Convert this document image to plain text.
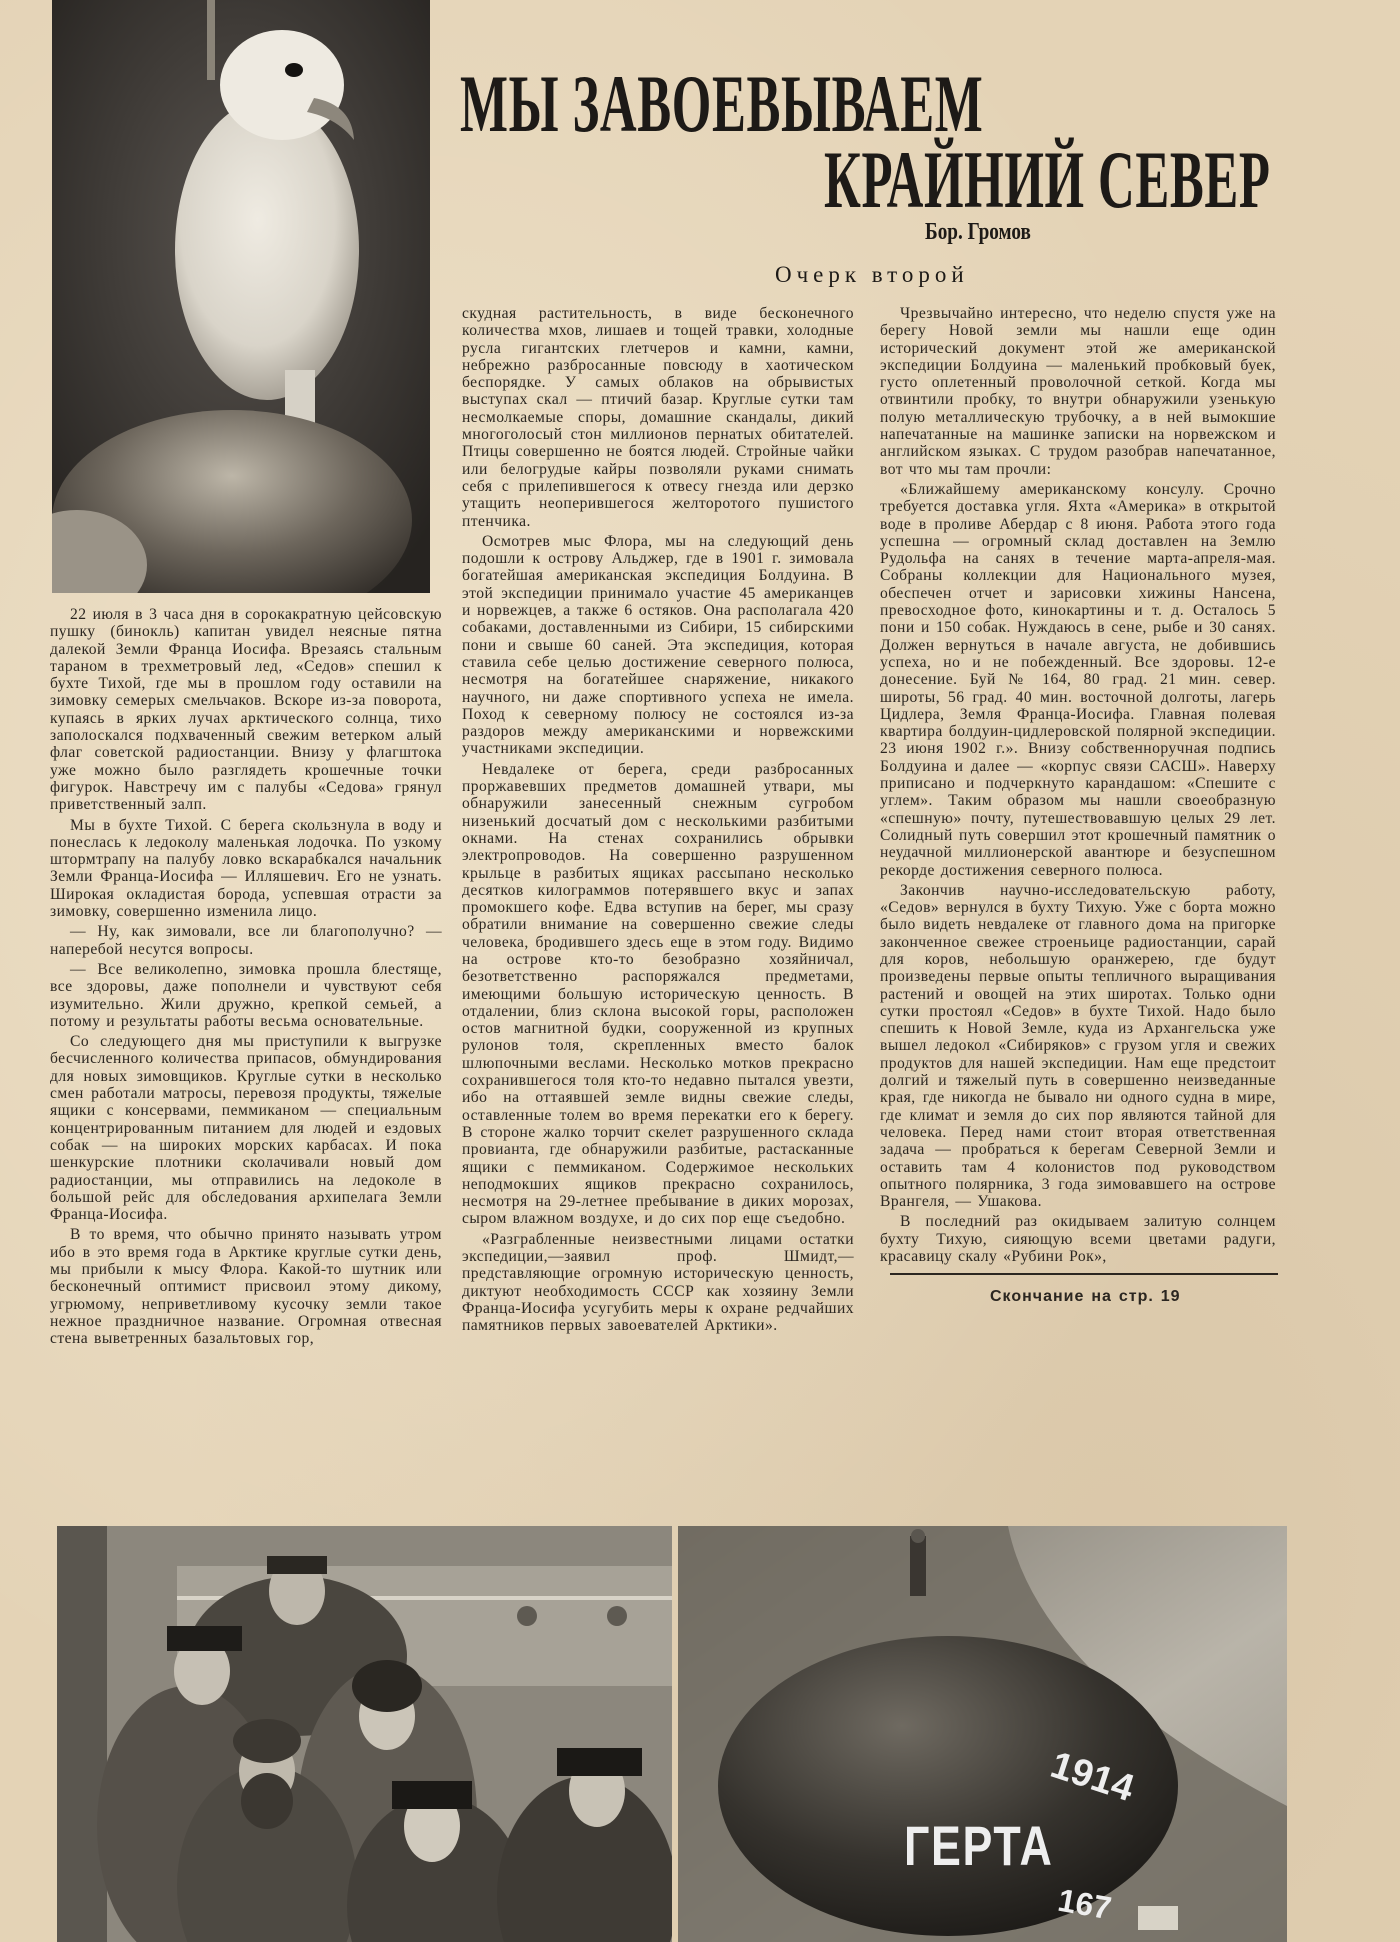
МЫ ЗАВОЕВЫВАЕМ
КРАЙНИЙ СЕВЕР
Бор. Громов
Очерк второй

22 июля в 3 часа дня в сорокакратную цейсовскую пушку (бинокль) капитан увидел неясные пятна далекой Земли Франца Иосифа. Врезаясь стальным тараном в трехметровый лед, «Седов» спешил к бухте Тихой, где мы в прошлом году оставили на зимовку семерых смельчаков. Вскоре из-за поворота, купаясь в ярких лучах арктического солнца, тихо заполоскался подхваченный свежим ветерком алый флаг советской радиостанции. Внизу у флагштока уже можно было разглядеть крошечные точки фигурок. Навстречу им с палубы «Седова» грянул приветственный залп.

Мы в бухте Тихой. С берега скользнула в воду и понеслась к ледоколу маленькая лодочка. По узкому штормтрапу на палубу ловко вскарабкался начальник Земли Франца-Иосифа — Илляшевич. Его не узнать. Широкая окладистая борода, успевшая отрасти за зимовку, совершенно изменила лицо.

— Ну, как зимовали, все ли благополучно? — наперебой несутся вопросы.

— Все великолепно, зимовка прошла блестяще, все здоровы, даже пополнели и чувствуют себя изумительно. Жили дружно, крепкой семьей, а потому и результаты работы весьма основательные.

Со следующего дня мы приступили к выгрузке бесчисленного количества припасов, обмундирования для новых зимовщиков. Круглые сутки в несколько смен работали матросы, перевозя продукты, тяжелые ящики с консервами, пеммиканом — специальным концентрированным питанием для людей и ездовых собак — на широких морских карбасах. И пока шенкурские плотники сколачивали новый дом радиостанции, мы отправились на ледоколе в большой рейс для обследования архипелага Земли Франца-Иосифа.

В то время, что обычно принято называть утром ибо в это время года в Арктике круглые сутки день, мы прибыли к мысу Флора. Какой-то шутник или бесконечный оптимист присвоил этому дикому, угрюмому, неприветливому кусочку земли такое нежное праздничное название. Огромная отвесная стена выветренных базальтовых гор,

скудная растительность, в виде бесконечного количества мхов, лишаев и тощей травки, холодные русла гигантских глетчеров и камни, камни, небрежно разбросанные повсюду в хаотическом беспорядке. У самых облаков на обрывистых выступах скал — птичий базар. Круглые сутки там несмолкаемые споры, домашние скандалы, дикий многоголосый стон миллионов пернатых обитателей. Птицы совершенно не боятся людей. Стройные чайки или белогрудые кайры позволяли руками снимать себя с прилепившегося к отвесу гнезда или дерзко утащить неоперившегося желторотого пушистого птенчика.

Осмотрев мыс Флора, мы на следующий день подошли к острову Альджер, где в 1901 г. зимовала богатейшая американская экспедиция Болдуина. В этой экспедиции принимало участие 45 американцев и норвежцев, а также 6 остяков. Она располагала 420 собаками, доставленными из Сибири, 15 сибирскими пони и свыше 60 саней. Эта экспедиция, которая ставила себе целью достижение северного полюса, несмотря на богатейшее снаряжение, никакого научного, ни даже спортивного успеха не имела. Поход к северному полюсу не состоялся из-за раздоров между американскими и норвежскими участниками экспедиции.

Невдалеке от берега, среди разбросанных проржавевших предметов домашней утвари, мы обнаружили занесенный снежным сугробом низенький досчатый дом с несколькими разбитыми окнами. На стенах сохранились обрывки электропроводов. На совершенно разрушенном крыльце в разбитых ящиках рассыпано несколько десятков килограммов потерявшего вкус и запах промокшего кофе. Едва вступив на берег, мы сразу обратили внимание на совершенно свежие следы человека, бродившего здесь еще в этом году. Видимо на острове кто-то безобразно хозяйничал, безответственно распоряжался предметами, имеющими большую историческую ценность. В отдалении, близ склона высокой горы, расположен остов магнитной будки, сооруженной из крупных рулонов толя, скрепленных вместо балок шлюпочными веслами. Несколько мотков прекрасно сохранившегося толя кто-то недавно пытался увезти, ибо на оттаявшей земле видны свежие следы, оставленные толем во время перекатки его к берегу. В стороне жалко торчит скелет разрушенного склада провианта, где обнаружили разбитые, растасканные ящики с пеммиканом. Содержимое нескольких неподмокших ящиков прекрасно сохранилось, несмотря на 29-летнее пребывание в диких морозах, сыром влажном воздухе, и до сих пор еще съедобно.

«Разграбленные неизвестными лицами остатки экспедиции,—заявил проф. Шмидт,— представляющие огромную историческую ценность, диктуют необходимость СССР как хозяину Земли Франца-Иосифа усугубить меры к охране редчайших памятников первых завоевателей Арктики».

Чрезвычайно интересно, что неделю спустя уже на берегу Новой земли мы нашли еще один исторический документ этой же американской экспедиции Болдуина — маленький пробковый буек, густо оплетенный проволочной сеткой. Когда мы отвинтили пробку, то внутри обнаружили узенькую полую металлическую трубочку, а в ней вымокшие напечатанные на машинке записки на норвежском и английском языках. С трудом разобрав напечатанное, вот что мы там прочли:

«Ближайшему американскому консулу. Срочно требуется доставка угля. Яхта «Америка» в открытой воде в проливе Абердар с 8 июня. Работа этого года успешна — огромный склад доставлен на Землю Рудольфа на санях в течение марта-апреля-мая. Собраны коллекции для Национального музея, обеспечен отчет и зарисовки хижины Нансена, превосходное фото, кинокартины и т. д. Осталось 5 пони и 150 собак. Нуждаюсь в сене, рыбе и 30 санях. Должен вернуться в начале августа, не добившись успеха, но и не побежденный. Все здоровы. 12-е донесение. Буй № 164, 80 град. 21 мин. север. широты, 56 град. 40 мин. восточной долготы, лагерь Цидлера, Земля Франца-Иосифа. Главная полевая квартира болдуин-цидлеровской полярной экспедиции. 23 июня 1902 г.». Внизу собственноручная подпись Болдуина и далее — «корпус связи САСШ». Наверху приписано и подчеркнуто карандашом: «Спешите с углем». Таким образом мы нашли своеобразную «спешную» почту, путешествовавшую целых 29 лет. Солидный путь совершил этот крошечный памятник о неудачной миллионерской авантюре и безуспешном рекорде достижения северного полюса.

Закончив научно-исследовательскую работу, «Седов» вернулся в бухту Тихую. Уже с борта можно было видеть невдалеке от главного дома на пригорке законченное свежее строеньице радиостанции, сарай для коров, небольшую оранжерею, где будут произведены первые опыты тепличного выращивания растений и овощей на этих широтах. Только одни сутки простоял «Седов» в бухте Тихой. Надо было спешить к Новой Земле, куда из Архангельска уже вышел ледокол «Сибиряков» с грузом угля и свежих продуктов для нашей экспедиции. Нам еще предстоит долгий и тяжелый путь в совершенно неизведанные края, где никогда не бывало ни одного судна в мире, где климат и земля до сих пор являются тайной для человека. Перед нами стоит вторая ответственная задача — пробраться к берегам Северной Земли и оставить там 4 колонистов под руководством опытного полярника, 3 года зимовавшего на острове Врангеля, — Ушакова.

В последний раз окидываем залитую солнцем бухту Тихую, сияющую всеми цветами радуги, красавицу скалу «Рубини Рок»,

Скончание на стр. 19
1914
ГЕРТА
167
